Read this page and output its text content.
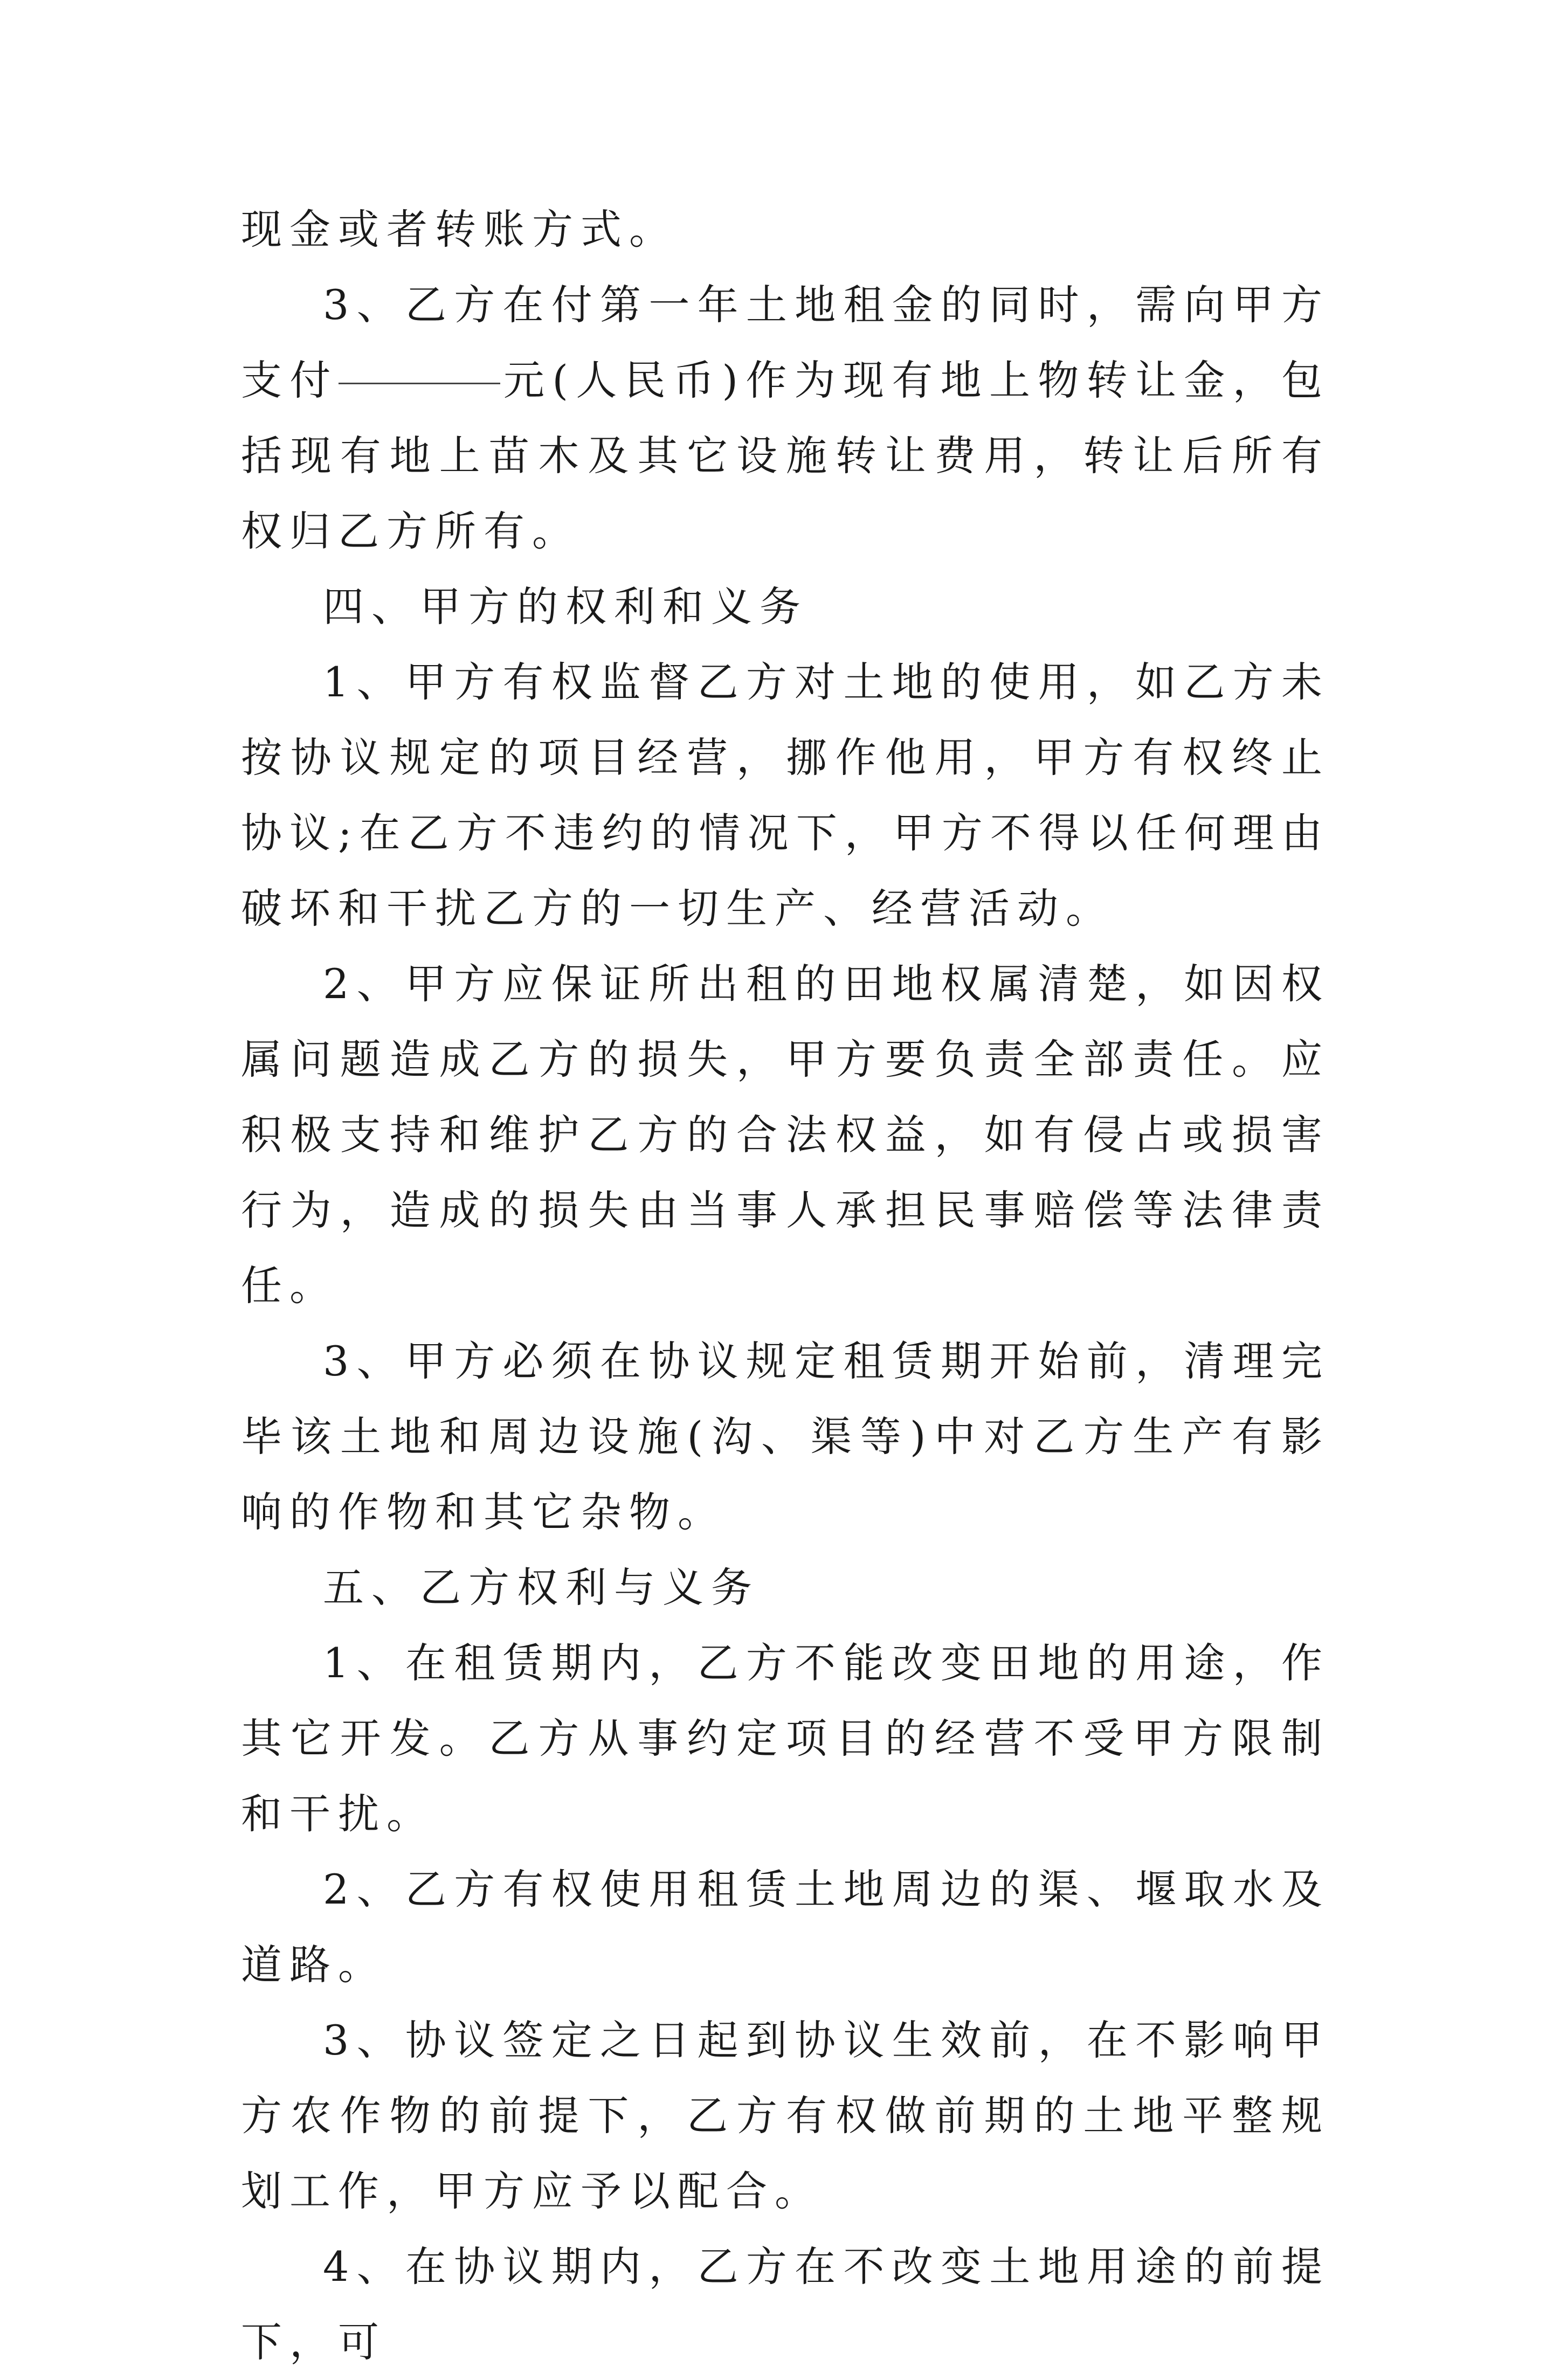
现金或者转账方式。

3、乙方在付第一年土地租金的同时，需向甲方支付	元(人民币)作为现有地上物转让金，包括现有地上苗木及其它设施转让费用，转让后所有权归乙方所有。

四、甲方的权利和义务

1、甲方有权监督乙方对土地的使用，如乙方未按协议规定的项目经营，挪作他用，甲方有权终止协议;在乙方不违约的情况下，甲方不得以任何理由破坏和干扰乙方的一切生产、经营活动。

2、甲方应保证所出租的田地权属清楚，如因权属问题造成乙方的损失，甲方要负责全部责任。应积极支持和维护乙方的合法权益，如有侵占或损害行为，造成的损失由当事人承担民事赔偿等法律责任。

3、甲方必须在协议规定租赁期开始前，清理完毕该土地和周边设施(沟、渠等)中对乙方生产有影响的作物和其它杂物。

五、乙方权利与义务

1、在租赁期内，乙方不能改变田地的用途，作其它开发。乙方从事约定项目的经营不受甲方限制和干扰。

2、乙方有权使用租赁土地周边的渠、堰取水及道路。

3、协议签定之日起到协议生效前，在不影响甲方农作物的前提下，乙方有权做前期的土地平整规划工作，甲方应予以配合。

4、在协议期内，乙方在不改变土地用途的前提下，可
